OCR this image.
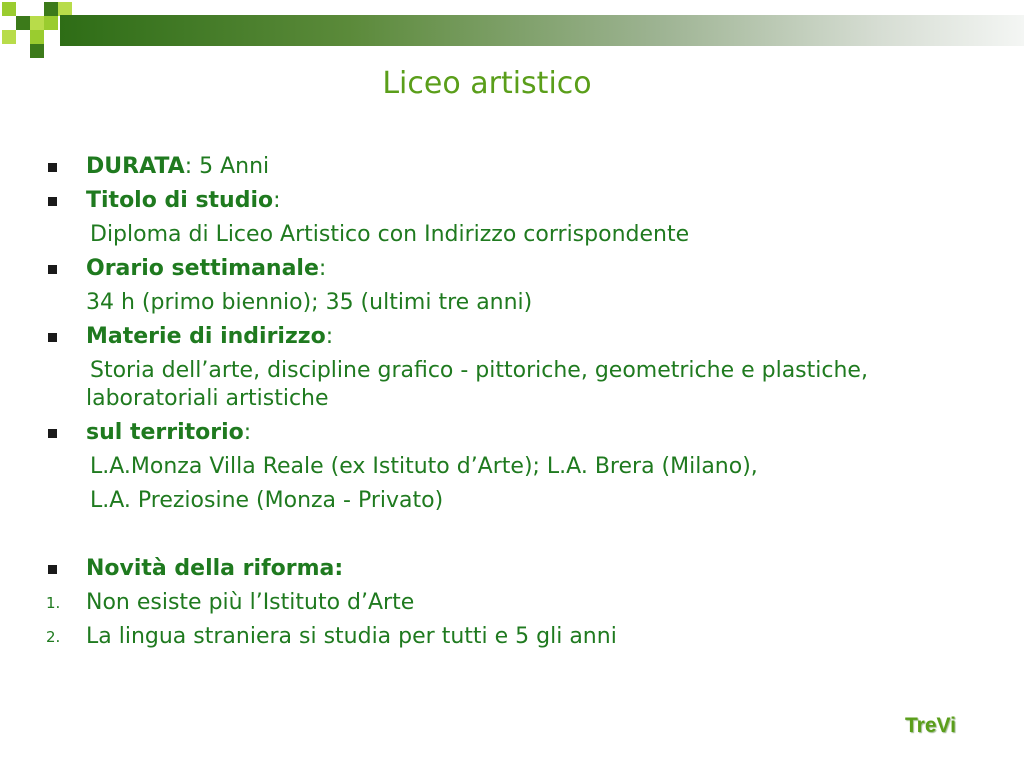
Liceo artistico
DURATA: 5 Anni
Titolo di studio:
Diploma di Liceo Artistico con Indirizzo corrispondente
Orario settimanale:
34 h (primo biennio); 35 (ultimi tre anni)
Materie di indirizzo:
Storia dell’arte, discipline grafico - pittoriche, geometriche e plastiche, laboratoriali artistiche
sul territorio:
L.A.Monza Villa Reale (ex Istituto d’Arte); L.A. Brera (Milano),
L.A. Preziosine (Monza - Privato)
Novità della riforma:
1. Non esiste più l’Istituto d’Arte
2. La lingua straniera si studia per tutti e 5 gli anni
TreVi
